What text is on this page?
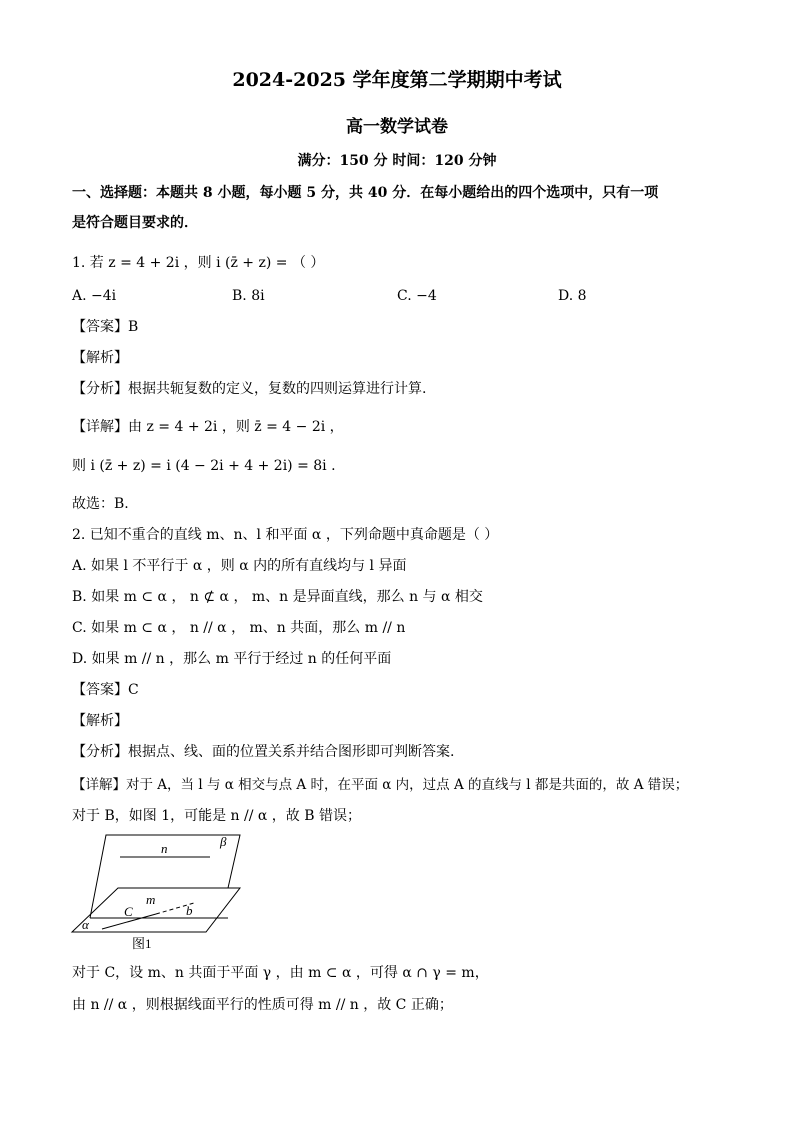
2024-2025 学年度第二学期期中考试
高一数学试卷
满分：150 分 时间：120 分钟
一、选择题：本题共 8 小题，每小题 5 分，共 40 分．在每小题给出的四个选项中，只有一项
是符合题目要求的．
1. 若 z = 4 + 2i ，则 i (z̄ + z) = （ ）
A. −4i	B. 8i	C. −4	D. 8
【答案】B
【解析】
【分析】根据共轭复数的定义，复数的四则运算进行计算.
【详解】由 z = 4 + 2i ，则 z̄ = 4 − 2i ，
则 i (z̄ + z) = i (4 − 2i + 4 + 2i) = 8i .
故选：B.
2. 已知不重合的直线 m、n、l 和平面 α ，下列命题中真命题是（ ）
A. 如果 l 不平行于 α ，则 α 内的所有直线均与 l 异面
B. 如果 m ⊂ α ， n ⊄ α ， m、n 是异面直线，那么 n 与 α 相交
C. 如果 m ⊂ α ， n // α ， m、n 共面，那么 m // n
D. 如果 m // n ，那么 m 平行于经过 n 的任何平面
【答案】C
【解析】
【分析】根据点、线、面的位置关系并结合图形即可判断答案.
【详解】对于 A，当 l 与 α 相交与点 A 时，在平面 α 内，过点 A 的直线与 l 都是共面的，故 A 错误；
对于 B，如图 1，可能是 n // α ，故 B 错误；
n	β
m
C	b
α
图1
对于 C，设 m、n 共面于平面 γ ，由 m ⊂ α ，可得 α ∩ γ = m，
由 n // α ，则根据线面平行的性质可得 m // n ，故 C 正确；
